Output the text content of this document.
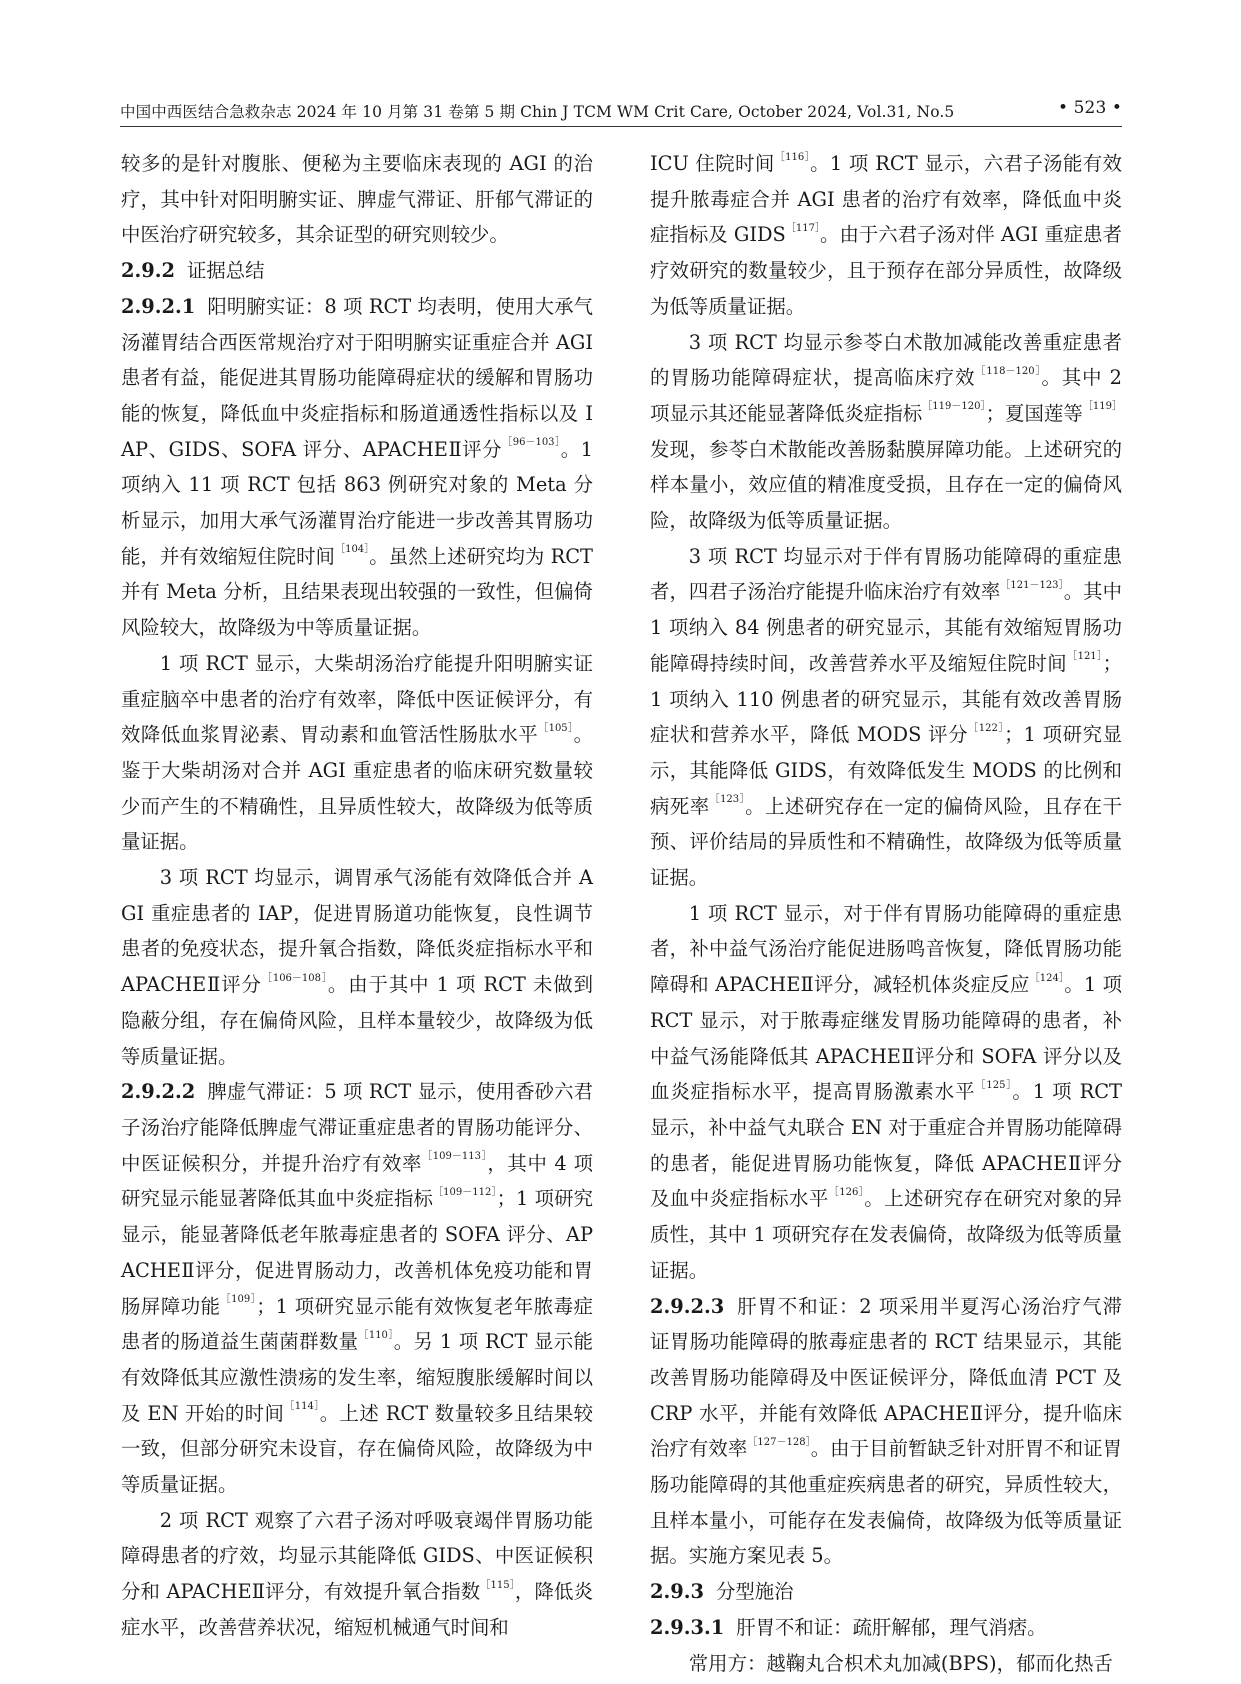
中国中西医结合急救杂志 2024 年 10 月第 31 卷第 5 期 Chin J TCM WM Crit Care, October 2024, Vol.31, No.5	• 523 •

较多的是针对腹胀、便秘为主要临床表现的 AGI 的治疗，其中针对阳明腑实证、脾虚气滞证、肝郁气滞证的中医治疗研究较多，其余证型的研究则较少。

2.9.2 证据总结

2.9.2.1 阳明腑实证：8 项 RCT 均表明，使用大承气汤灌胃结合西医常规治疗对于阳明腑实证重症合并 AGI 患者有益，能促进其胃肠功能障碍症状的缓解和胃肠功能的恢复，降低血中炎症指标和肠道通透性指标以及 IAP、GIDS、SOFA 评分、APACHEⅡ评分$^{[96-103]}$。1 项纳入 11 项 RCT 包括 863 例研究对象的 Meta 分析显示，加用大承气汤灌胃治疗能进一步改善其胃肠功能，并有效缩短住院时间$^{[104]}$。虽然上述研究均为 RCT 并有 Meta 分析，且结果表现出较强的一致性，但偏倚风险较大，故降级为中等质量证据。

1 项 RCT 显示，大柴胡汤治疗能提升阳明腑实证重症脑卒中患者的治疗有效率，降低中医证候评分，有效降低血浆胃泌素、胃动素和血管活性肠肽水平$^{[105]}$。鉴于大柴胡汤对合并 AGI 重症患者的临床研究数量较少而产生的不精确性，且异质性较大，故降级为低等质量证据。

3 项 RCT 均显示，调胃承气汤能有效降低合并 AGI 重症患者的 IAP，促进胃肠道功能恢复，良性调节患者的免疫状态，提升氧合指数，降低炎症指标水平和 APACHEⅡ评分$^{[106-108]}$。由于其中 1 项 RCT 未做到隐蔽分组，存在偏倚风险，且样本量较少，故降级为低等质量证据。

2.9.2.2 脾虚气滞证：5 项 RCT 显示，使用香砂六君子汤治疗能降低脾虚气滞证重症患者的胃肠功能评分、中医证候积分，并提升治疗有效率$^{[109-113]}$，其中 4 项研究显示能显著降低其血中炎症指标$^{[109-112]}$；1 项研究显示，能显著降低老年脓毒症患者的 SOFA 评分、APACHEⅡ评分，促进胃肠动力，改善机体免疫功能和胃肠屏障功能$^{[109]}$；1 项研究显示能有效恢复老年脓毒症患者的肠道益生菌菌群数量$^{[110]}$。另 1 项 RCT 显示能有效降低其应激性溃疡的发生率，缩短腹胀缓解时间以及 EN 开始的时间$^{[114]}$。上述 RCT 数量较多且结果较一致，但部分研究未设盲，存在偏倚风险，故降级为中等质量证据。

2 项 RCT 观察了六君子汤对呼吸衰竭伴胃肠功能障碍患者的疗效，均显示其能降低 GIDS、中医证候积分和 APACHEⅡ评分，有效提升氧合指数$^{[115]}$，降低炎症水平，改善营养状况，缩短机械通气时间和

ICU 住院时间$^{[116]}$。1 项 RCT 显示，六君子汤能有效提升脓毒症合并 AGI 患者的治疗有效率，降低血中炎症指标及 $GIDS^{[117]}$。由于六君子汤对伴 AGI 重症患者疗效研究的数量较少，且于预存在部分异质性，故降级为低等质量证据。

3 项 RCT 均显示参苓白术散加减能改善重症患者的胃肠功能障碍症状，提高临床疗效$^{[118-120]}$。其中 2 项显示其还能显著降低炎症指标$^{[119-120]}$；夏国莲等$^{[119]}$发现，参苓白术散能改善肠黏膜屏障功能。上述研究的样本量小，效应值的精准度受损，且存在一定的偏倚风险，故降级为低等质量证据。

3 项 RCT 均显示对于伴有胃肠功能障碍的重症患者，四君子汤治疗能提升临床治疗有效率$^{[121-123]}$。其中 1 项纳入 84 例患者的研究显示，其能有效缩短胃肠功能障碍持续时间，改善营养水平及缩短住院时间$^{[121]}$；1 项纳入 110 例患者的研究显示，其能有效改善胃肠症状和营养水平，降低 MODS 评分$^{[122]}$；1 项研究显示，其能降低 GIDS，有效降低发生 MODS 的比例和病死率$^{[123]}$。上述研究存在一定的偏倚风险，且存在干预、评价结局的异质性和不精确性，故降级为低等质量证据。

1 项 RCT 显示，对于伴有胃肠功能障碍的重症患者，补中益气汤治疗能促进肠鸣音恢复，降低胃肠功能障碍和 APACHEⅡ评分，减轻机体炎症反应$^{[124]}$。1 项 RCT 显示，对于脓毒症继发胃肠功能障碍的患者，补中益气汤能降低其 APACHEⅡ评分和 SOFA 评分以及血炎症指标水平，提高胃肠激素水平$^{[125]}$。1 项 RCT 显示，补中益气丸联合 EN 对于重症合并胃肠功能障碍的患者，能促进胃肠功能恢复，降低 APACHEⅡ评分及血中炎症指标水平$^{[126]}$。上述研究存在研究对象的异质性，其中 1 项研究存在发表偏倚，故降级为低等质量证据。

2.9.2.3 肝胃不和证：2 项采用半夏泻心汤治疗气滞证胃肠功能障碍的脓毒症患者的 RCT 结果显示，其能改善胃肠功能障碍及中医证候评分，降低血清 PCT 及 CRP 水平，并能有效降低 APACHEⅡ评分，提升临床治疗有效率$^{[127-128]}$。由于目前暂缺乏针对肝胃不和证胃肠功能障碍的其他重症疾病患者的研究，异质性较大，且样本量小，可能存在发表偏倚，故降级为低等质量证据。实施方案见表 5。

2.9.3 分型施治

2.9.3.1 肝胃不和证：疏肝解郁，理气消痞。

常用方：越鞠丸合枳术丸加减(BPS)，郁而化热舌
